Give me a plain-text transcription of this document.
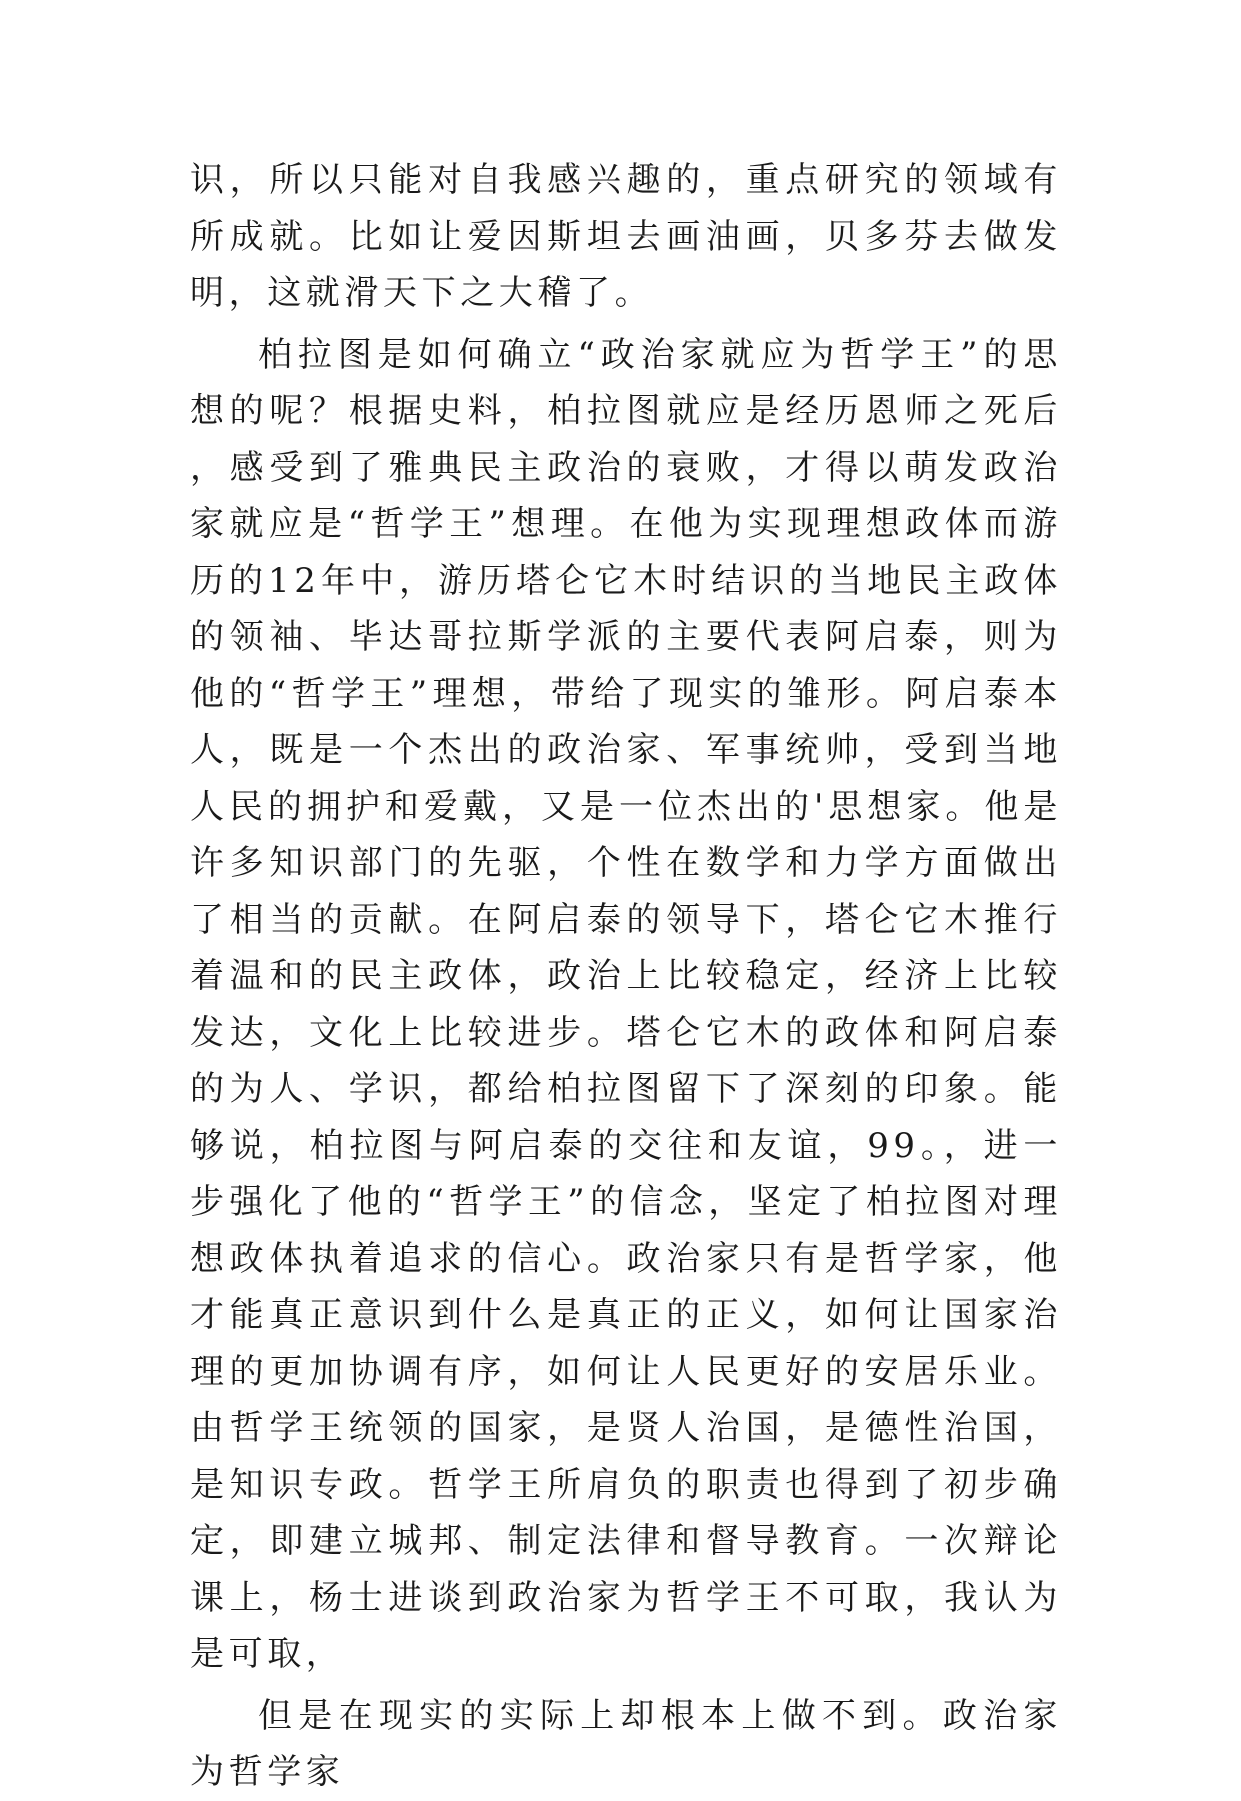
识，所以只能对自我感兴趣的，重点研究的领域有所成就。比如让爱因斯坦去画油画，贝多芬去做发明，这就滑天下之大稽了。

柏拉图是如何确立“政治家就应为哲学王”的思想的呢？根据史料，柏拉图就应是经历恩师之死后，感受到了雅典民主政治的衰败，才得以萌发政治家就应是“哲学王”想理。在他为实现理想政体而游历的12年中，游历塔仑它木时结识的当地民主政体的领袖、毕达哥拉斯学派的主要代表阿启泰，则为他的“哲学王”理想，带给了现实的雏形。阿启泰本人，既是一个杰出的政治家、军事统帅，受到当地人民的拥护和爱戴，又是一位杰出的'思想家。他是许多知识部门的先驱，个性在数学和力学方面做出了相当的贡献。在阿启泰的领导下，塔仑它木推行着温和的民主政体，政治上比较稳定，经济上比较发达，文化上比较进步。塔仑它木的政体和阿启泰的为人、学识，都给柏拉图留下了深刻的印象。能够说，柏拉图与阿启泰的交往和友谊，99。，进一步强化了他的“哲学王”的信念，坚定了柏拉图对理想政体执着追求的信心。政治家只有是哲学家，他才能真正意识到什么是真正的正义，如何让国家治理的更加协调有序，如何让人民更好的安居乐业。由哲学王统领的国家，是贤人治国，是德性治国，是知识专政。哲学王所肩负的职责也得到了初步确定，即建立城邦、制定法律和督导教育。一次辩论课上，杨士进谈到政治家为哲学王不可取，我认为是可取，

但是在现实的实际上却根本上做不到。政治家为哲学家
